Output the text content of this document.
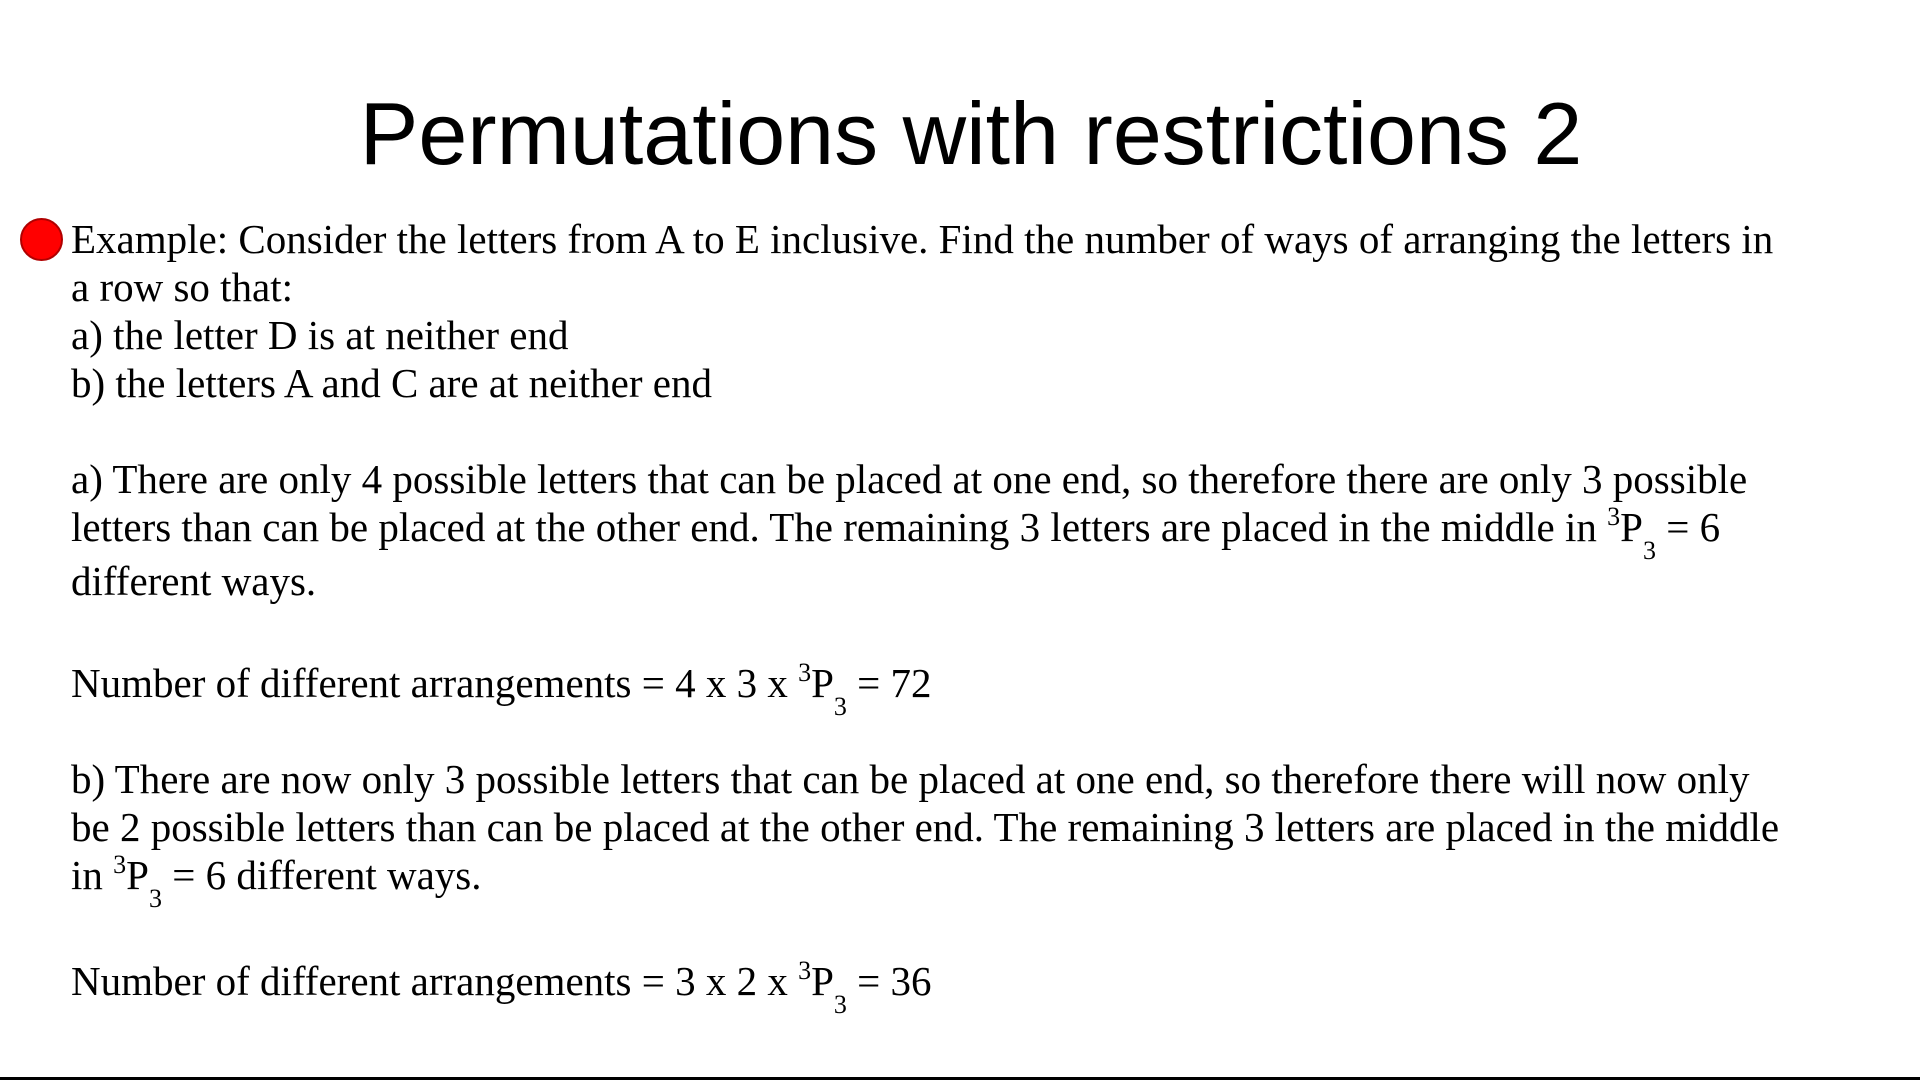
Permutations with restrictions 2
Example: Consider the letters from A to E inclusive. Find the number of ways of arranging the letters in
a row so that:
a) the letter D is at neither end
b) the letters A and C are at neither end
a) There are only 4 possible letters that can be placed at one end, so therefore there are only 3 possible
letters than can be placed at the other end. The remaining 3 letters are placed in the middle in $^3P_3 = 6$
different ways.
Number of different arrangements = 4 x 3 x $^3P_3 = 72$
b) There are now only 3 possible letters that can be placed at one end, so therefore there will now only
be 2 possible letters than can be placed at the other end. The remaining 3 letters are placed in the middle
in $^3P_3 = 6$ different ways.
Number of different arrangements = 3 x 2 x $^3P_3 = 36$
